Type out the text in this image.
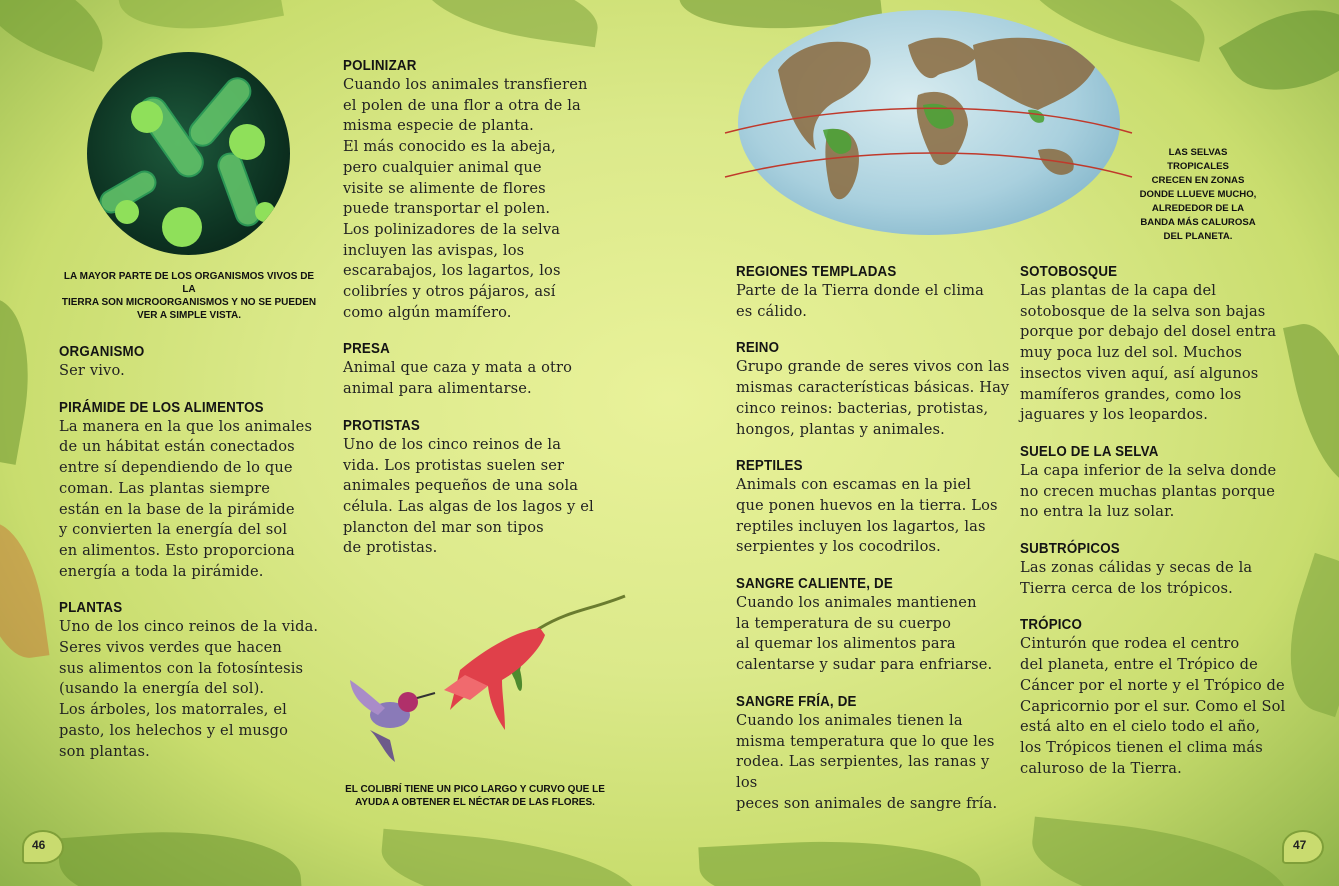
LA MAYOR PARTE DE LOS ORGANISMOS VIVOS DE LA
TIERRA SON MICROORGANISMOS Y NO SE PUEDEN
VER A SIMPLE VISTA.
ORGANISMO
Ser vivo.
PIRÁMIDE DE LOS ALIMENTOS
La manera en la que los animales
de un hábitat están conectados
entre sí dependiendo de lo que
coman. Las plantas siempre
están en la base de la pirámide
y convierten la energía del sol
en alimentos. Esto proporciona
energía a toda la pirámide.
PLANTAS
Uno de los cinco reinos de la vida.
Seres vivos verdes que hacen
sus alimentos con la fotosíntesis
(usando la energía del sol).
Los árboles, los matorrales, el
pasto, los helechos y el musgo
son plantas.
POLINIZAR
Cuando los animales transfieren
el polen de una flor a otra de la
misma especie de planta.
El más conocido es la abeja,
pero cualquier animal que
visite se alimente de flores
puede transportar el polen.
Los polinizadores de la selva
incluyen las avispas, los
escarabajos, los lagartos, los
colibríes y otros pájaros, así
como algún mamífero.
PRESA
Animal que caza y mata a otro
animal para alimentarse.
PROTISTAS
Uno de los cinco reinos de la
vida. Los protistas suelen ser
animales pequeños de una sola
célula. Las algas de los lagos y el
plancton del mar son tipos
de protistas.
EL COLIBRÍ TIENE UN PICO LARGO Y CURVO QUE LE
AYUDA A OBTENER EL NÉCTAR DE LAS FLORES.
LAS SELVAS TROPICALES
CRECEN EN ZONAS
DONDE LLUEVE MUCHO,
ALREDEDOR DE LA
BANDA MÁS CALUROSA
DEL PLANETA.
REGIONES TEMPLADAS
Parte de la Tierra donde el clima
es cálido.
REINO
Grupo grande de seres vivos con las
mismas características básicas. Hay
cinco reinos: bacterias, protistas,
hongos, plantas y animales.
REPTILES
Animals con escamas en la piel
que ponen huevos en la tierra. Los
reptiles incluyen los lagartos, las
serpientes y los cocodrilos.
SANGRE CALIENTE, DE
Cuando los animales mantienen
la temperatura de su cuerpo
al quemar los alimentos para
calentarse y sudar para enfriarse.
SANGRE FRÍA, DE
Cuando los animales tienen la
misma temperatura que lo que les
rodea. Las serpientes, las ranas y los
peces son animales de sangre fría.
SOTOBOSQUE
Las plantas de la capa del
sotobosque de la selva son bajas
porque por debajo del dosel entra
muy poca luz del sol. Muchos
insectos viven aquí, así algunos
mamíferos grandes, como los
jaguares y los leopardos.
SUELO DE LA SELVA
La capa inferior de la selva donde
no crecen muchas plantas porque
no entra la luz solar.
SUBTRÓPICOS
Las zonas cálidas y secas de la
Tierra cerca de los trópicos.
TRÓPICO
Cinturón que rodea el centro
del planeta, entre el Trópico de
Cáncer por el norte y el Trópico de
Capricornio por el sur. Como el Sol
está alto en el cielo todo el año,
los Trópicos tienen el clima más
caluroso de la Tierra.
46	47
